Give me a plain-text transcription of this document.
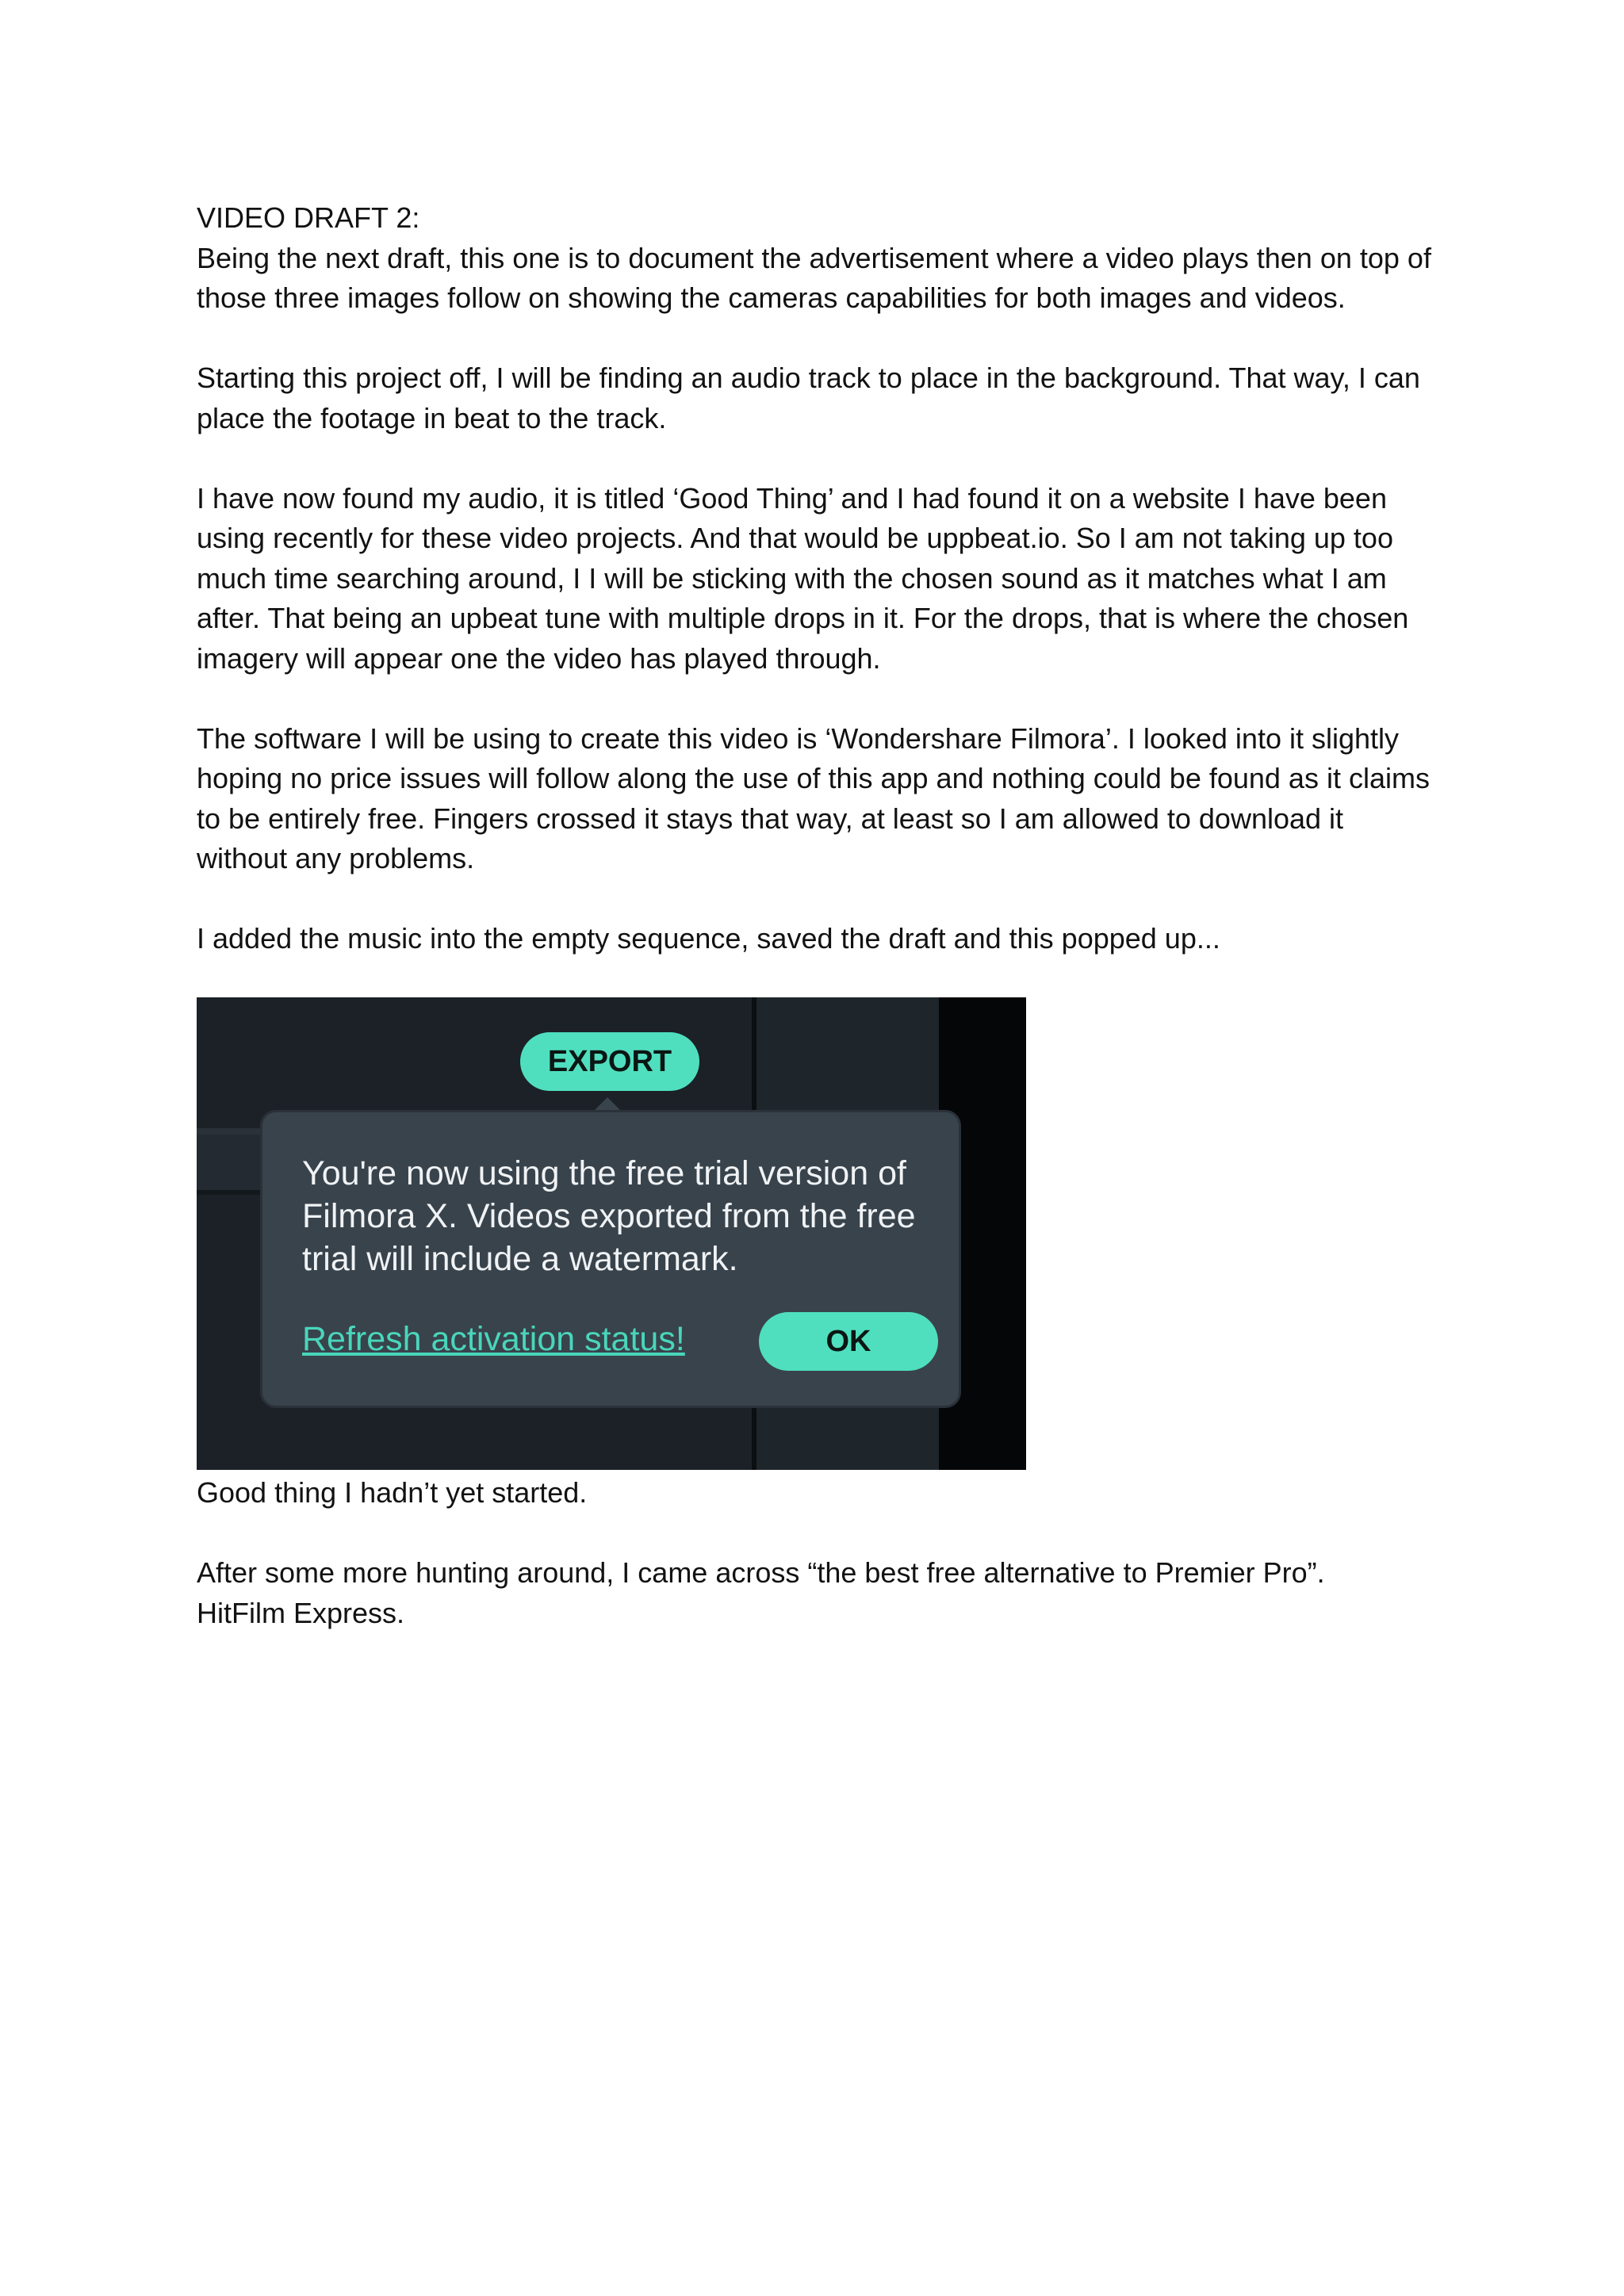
VIDEO DRAFT 2:

Being the next draft, this one is to document the advertisement where a video plays then on top of those three images follow on showing the cameras capabilities for both images and videos.

Starting this project off, I will be finding an audio track to place in the background. That way, I can place the footage in beat to the track.

I have now found my audio, it is titled ‘Good Thing’ and I had found it on a website I have been using recently for these video projects. And that would be uppbeat.io. So I am not taking up too much time searching around, I I will be sticking with the chosen sound as it matches what I am after. That being an upbeat tune with multiple drops in it. For the drops, that is where the chosen imagery will appear one the video has played through.

The software I will be using to create this video is ‘Wondershare Filmora’. I looked into it slightly hoping no price issues will follow along the use of this app and nothing could be found as it claims to be entirely free. Fingers crossed it stays that way, at least so I am allowed to download it without any problems.

I added the music into the empty sequence, saved the draft and this popped up...

EXPORT
You're now using the free trial version of Filmora X. Videos exported from the free trial will include a watermark.
Refresh activation status!	OK

Good thing I hadn’t yet started.

After some more hunting around, I came across “the best free alternative to Premier Pro”.

HitFilm Express.
